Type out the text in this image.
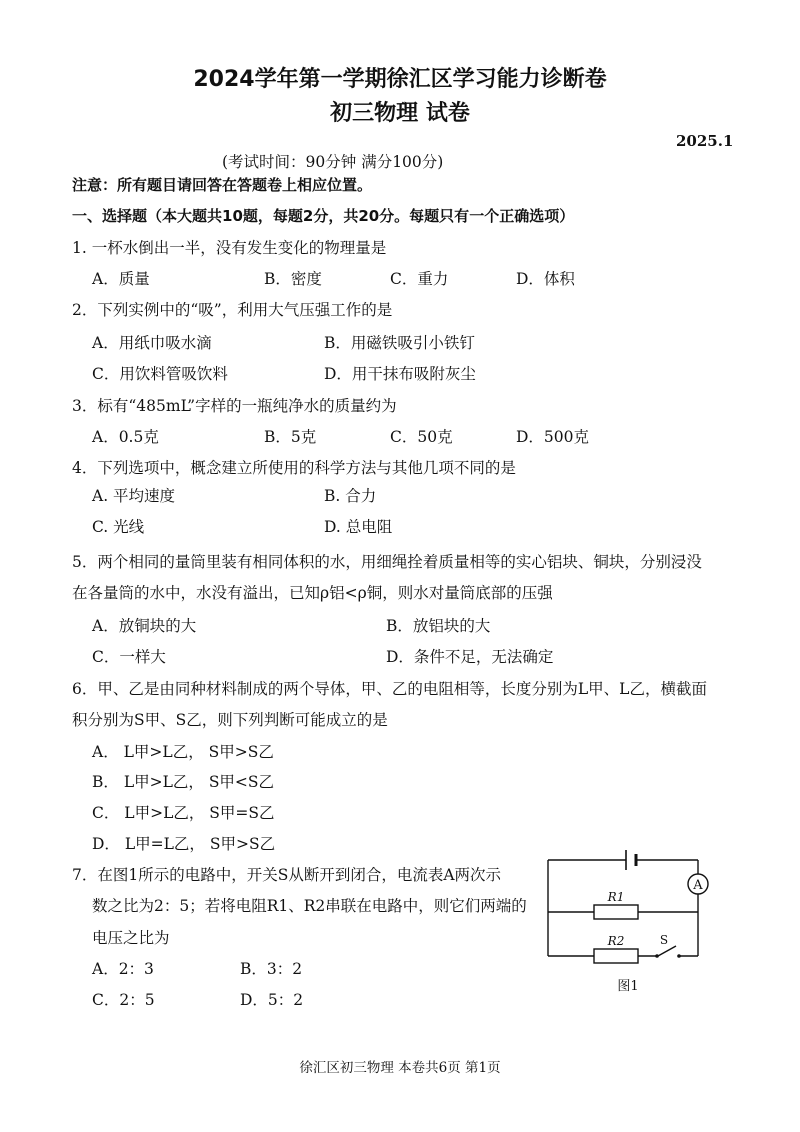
2024学年第一学期徐汇区学习能力诊断卷
初三物理 试卷
2025.1
(考试时间：90分钟 满分100分)
注意：所有题目请回答在答题卷上相应位置。
一、选择题（本大题共10题，每题2分，共20分。每题只有一个正确选项）
1. 一杯水倒出一半，没有发生变化的物理量是
A．质量	B．密度	C．重力	D．体积
2．下列实例中的“吸”，利用大气压强工作的是
A．用纸巾吸水滴	B．用磁铁吸引小铁钉
C．用饮料管吸饮料	D．用干抹布吸附灰尘
3．标有“485mL”字样的一瓶纯净水的质量约为
A．0.5克	B．5克	C．50克	D．500克
4．下列选项中，概念建立所使用的科学方法与其他几项不同的是
A. 平均速度	B. 合力
C. 光线	D. 总电阻
5．两个相同的量筒里装有相同体积的水，用细绳拴着质量相等的实心铝块、铜块，分别浸没
在各量筒的水中，水没有溢出，已知ρ铝<ρ铜，则水对量筒底部的压强
A．放铜块的大	B．放铝块的大
C．一样大	D．条件不足，无法确定
6．甲、乙是由同种材料制成的两个导体，甲、乙的电阻相等，长度分别为L甲、L乙，横截面
积分别为S甲、S乙，则下列判断可能成立的是
A． L甲>L乙， S甲>S乙
B． L甲>L乙， S甲<S乙
C． L甲>L乙， S甲=S乙
D． L甲=L乙， S甲>S乙
7．在图1所示的电路中，开关S从断开到闭合，电流表A两次示
数之比为2：5；若将电阻R1、R2串联在电路中，则它们两端的
电压之比为
A．2：3	B．3：2
C．2：5	D．5：2
A
R1
R2	S
图1
徐汇区初三物理 本卷共6页 第1页
